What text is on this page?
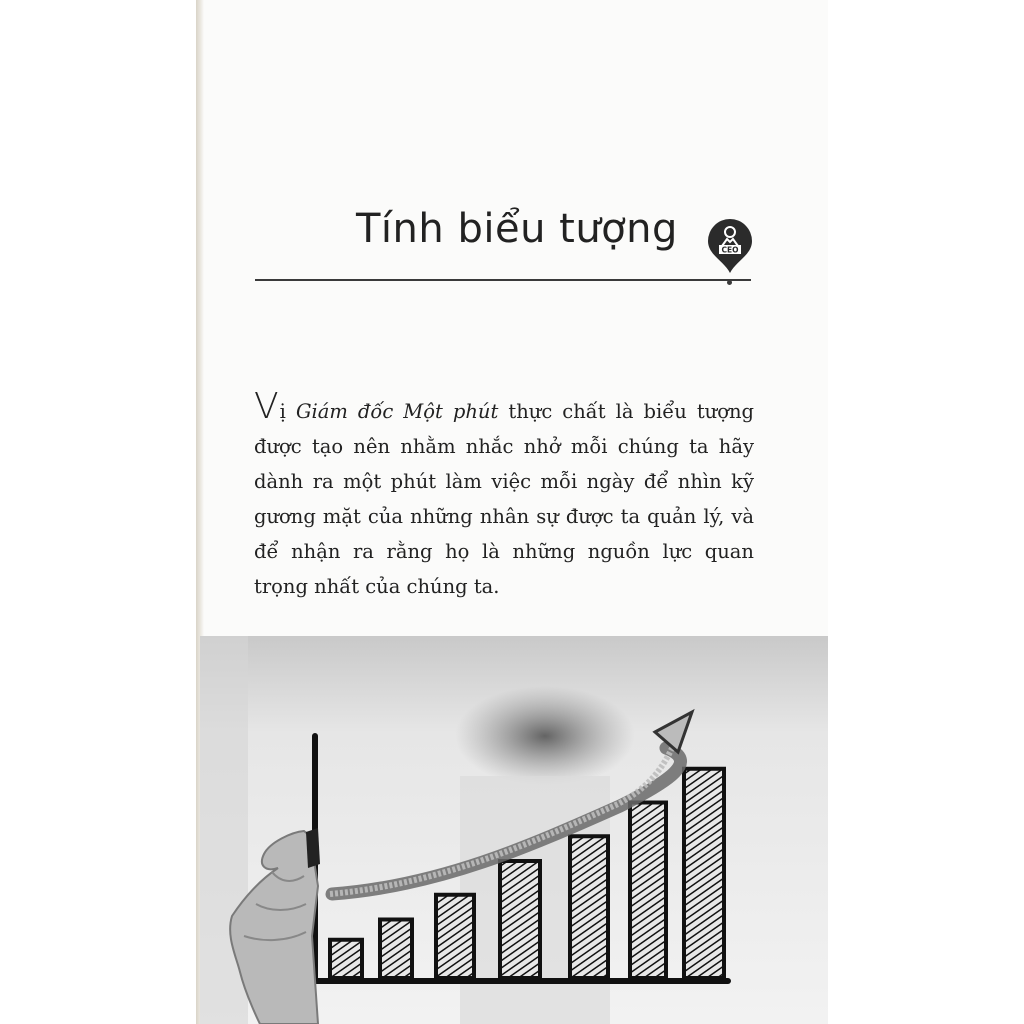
Tính biểu tượng	CEO
Vị Giám đốc Một phút thực chất là biểu tượng được tạo nên nhằm nhắc nhở mỗi chúng ta hãy dành ra một phút làm việc mỗi ngày để nhìn kỹ gương mặt của những nhân sự được ta quản lý, và để nhận ra rằng họ là những nguồn lực quan trọng nhất của chúng ta.
